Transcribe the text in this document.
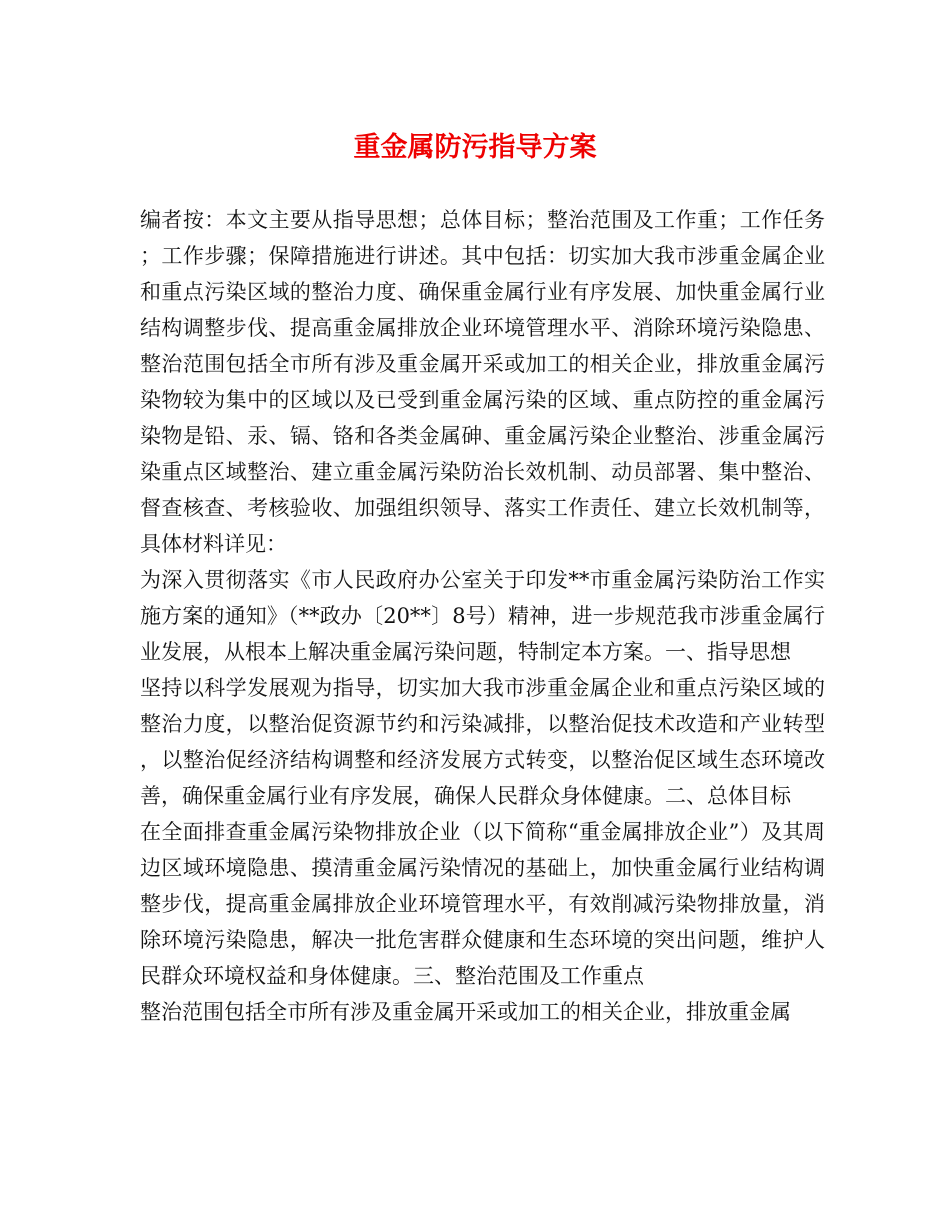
重金属防污指导方案

编者按：本文主要从指导思想；总体目标；整治范围及工作重；工作任务；工作步骤；保障措施进行讲述。其中包括：切实加大我市涉重金属企业和重点污染区域的整治力度、确保重金属行业有序发展、加快重金属行业结构调整步伐、提高重金属排放企业环境管理水平、消除环境污染隐患、整治范围包括全市所有涉及重金属开采或加工的相关企业，排放重金属污染物较为集中的区域以及已受到重金属污染的区域、重点防控的重金属污染物是铅、汞、镉、铬和各类金属砷、重金属污染企业整治、涉重金属污染重点区域整治、建立重金属污染防治长效机制、动员部署、集中整治、督查核查、考核验收、加强组织领导、落实工作责任、建立长效机制等，具体材料详见：

为深入贯彻落实《市人民政府办公室关于印发**市重金属污染防治工作实施方案的通知》（**政办〔20**〕8号）精神，进一步规范我市涉重金属行业发展，从根本上解决重金属污染问题，特制定本方案。一、指导思想

坚持以科学发展观为指导，切实加大我市涉重金属企业和重点污染区域的整治力度，以整治促资源节约和污染减排，以整治促技术改造和产业转型，以整治促经济结构调整和经济发展方式转变，以整治促区域生态环境改善，确保重金属行业有序发展，确保人民群众身体健康。二、总体目标

在全面排查重金属污染物排放企业（以下简称“重金属排放企业”）及其周边区域环境隐患、摸清重金属污染情况的基础上，加快重金属行业结构调整步伐，提高重金属排放企业环境管理水平，有效削减污染物排放量，消除环境污染隐患，解决一批危害群众健康和生态环境的突出问题，维护人民群众环境权益和身体健康。三、整治范围及工作重点

整治范围包括全市所有涉及重金属开采或加工的相关企业，排放重金属
